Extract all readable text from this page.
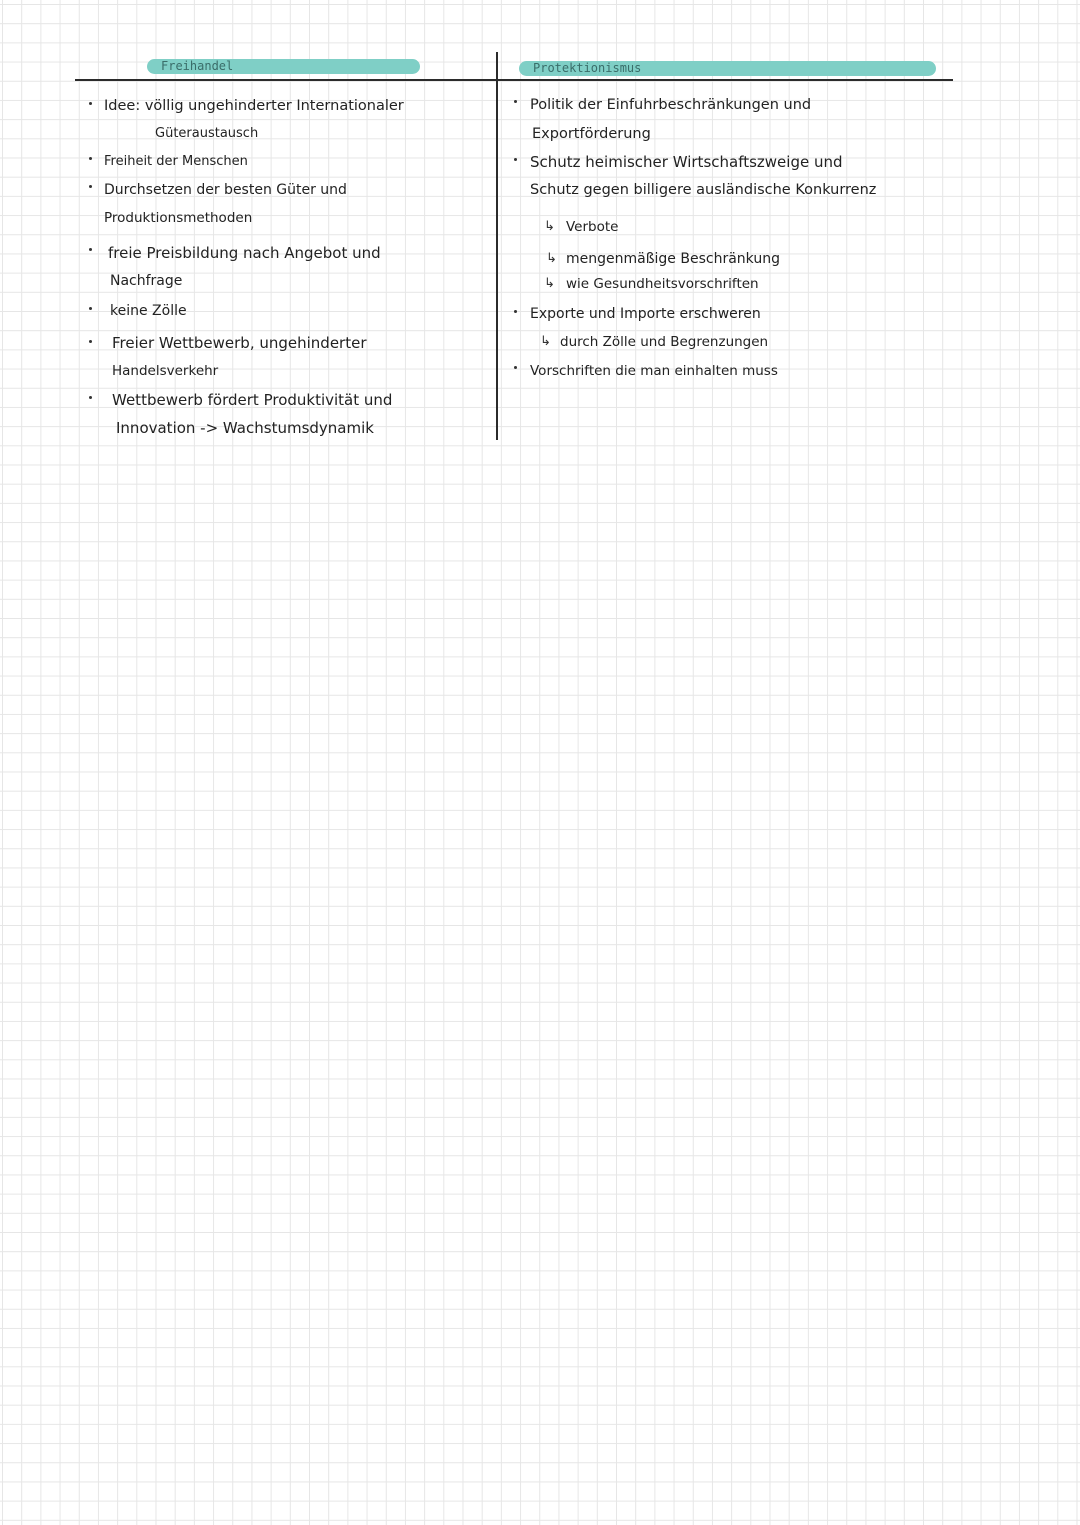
Freihandel	Protektionismus
Idee: völlig ungehinderter Internationaler
Güteraustausch
Freiheit der Menschen
Durchsetzen der besten Güter und
Produktionsmethoden
freie Preisbildung nach Angebot und
Nachfrage
keine Zölle
Freier Wettbewerb, ungehinderter
Handelsverkehr
Wettbewerb fördert Produktivität und
Innovation -> Wachstumsdynamik
Politik der Einfuhrbeschränkungen und
Exportförderung
Schutz heimischer Wirtschaftszweige und
Schutz gegen billigere ausländische Konkurrenz
↳ Verbote
↳ mengenmäßige Beschränkung
↳ wie Gesundheitsvorschriften
Exporte und Importe erschweren
↳ durch Zölle und Begrenzungen
Vorschriften die man einhalten muss
